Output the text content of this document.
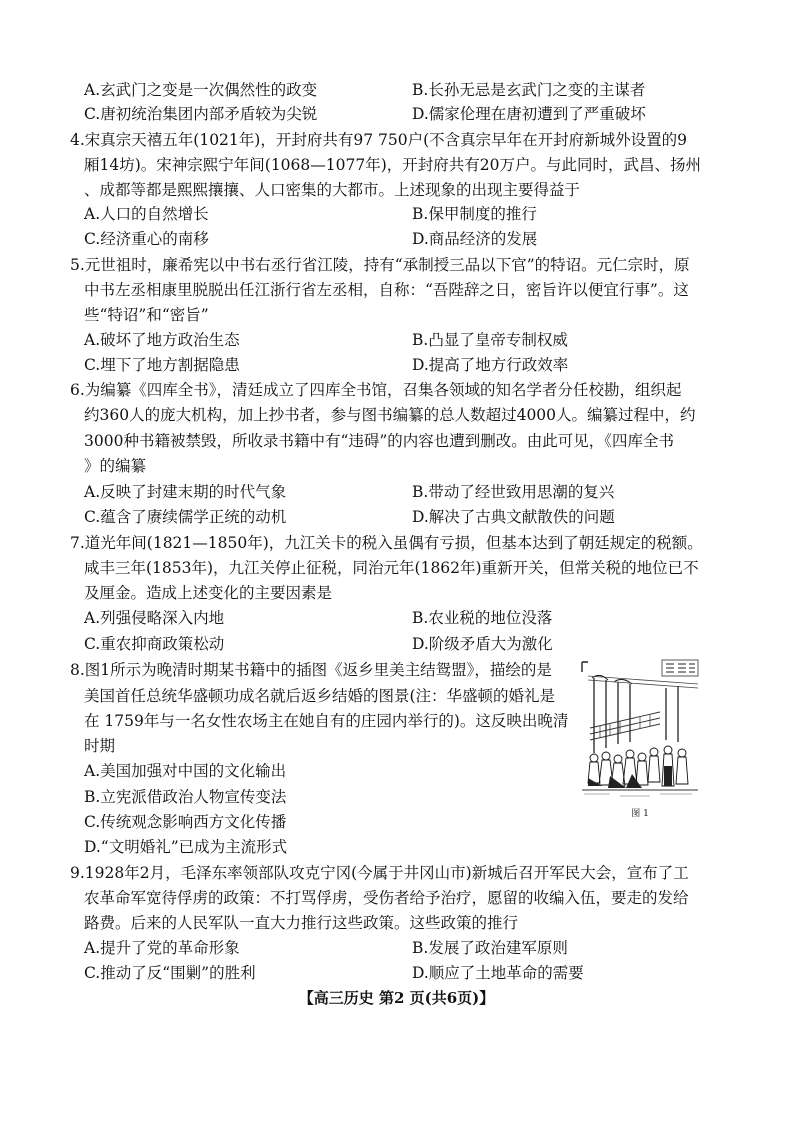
A.玄武门之变是一次偶然性的政变	B.长孙无忌是玄武门之变的主谋者
C.唐初统治集团内部矛盾较为尖锐	D.儒家伦理在唐初遭到了严重破坏
4.宋真宗天禧五年(1021年)，开封府共有97 750户(不含真宗早年在开封府新城外设置的9
厢14坊)。宋神宗熙宁年间(1068—1077年)，开封府共有20万户。与此同时，武昌、扬州
、成都等都是熙熙攘攘、人口密集的大都市。上述现象的出现主要得益于
A.人口的自然增长	B.保甲制度的推行
C.经济重心的南移	D.商品经济的发展
5.元世祖时，廉希宪以中书右丞行省江陵，持有“承制授三品以下官”的特诏。元仁宗时，原
中书左丞相康里脱脱出任江浙行省左丞相，自称：“吾陛辞之日，密旨许以便宜行事”。这
些“特诏”和“密旨”
A.破坏了地方政治生态	B.凸显了皇帝专制权威
C.埋下了地方割据隐患	D.提高了地方行政效率
6.为编纂《四库全书》，清廷成立了四库全书馆，召集各领域的知名学者分任校勘，组织起
约360人的庞大机构，加上抄书者，参与图书编纂的总人数超过4000人。编纂过程中，约
3000种书籍被禁毁，所收录书籍中有“违碍”的内容也遭到删改。由此可见，《四库全书
》的编纂
A.反映了封建末期的时代气象	B.带动了经世致用思潮的复兴
C.蕴含了赓续儒学正统的动机	D.解决了古典文献散佚的问题
7.道光年间(1821—1850年)，九江关卡的税入虽偶有亏损，但基本达到了朝廷规定的税额。
咸丰三年(1853年)，九江关停止征税，同治元年(1862年)重新开关，但常关税的地位已不
及厘金。造成上述变化的主要因素是
A.列强侵略深入内地	B.农业税的地位没落
C.重农抑商政策松动	D.阶级矛盾大为激化
8.图1所示为晚清时期某书籍中的插图《返乡里美主结鸳盟》，描绘的是
美国首任总统华盛顿功成名就后返乡结婚的图景(注：华盛顿的婚礼是
在 1759年与一名女性农场主在她自有的庄园内举行的)。这反映出晚清
时期
A.美国加强对中国的文化输出
B.立宪派借政治人物宣传变法
C.传统观念影响西方文化传播
D.“文明婚礼”已成为主流形式
图 1
9.1928年2月，毛泽东率领部队攻克宁冈(今属于井冈山市)新城后召开军民大会，宣布了工
农革命军宽待俘虏的政策：不打骂俘虏，受伤者给予治疗，愿留的收编入伍，要走的发给
路费。后来的人民军队一直大力推行这些政策。这些政策的推行
A.提升了党的革命形象	B.发展了政治建军原则
C.推动了反“围剿”的胜利	D.顺应了土地革命的需要
【高三历史 第2 页(共6页)】
